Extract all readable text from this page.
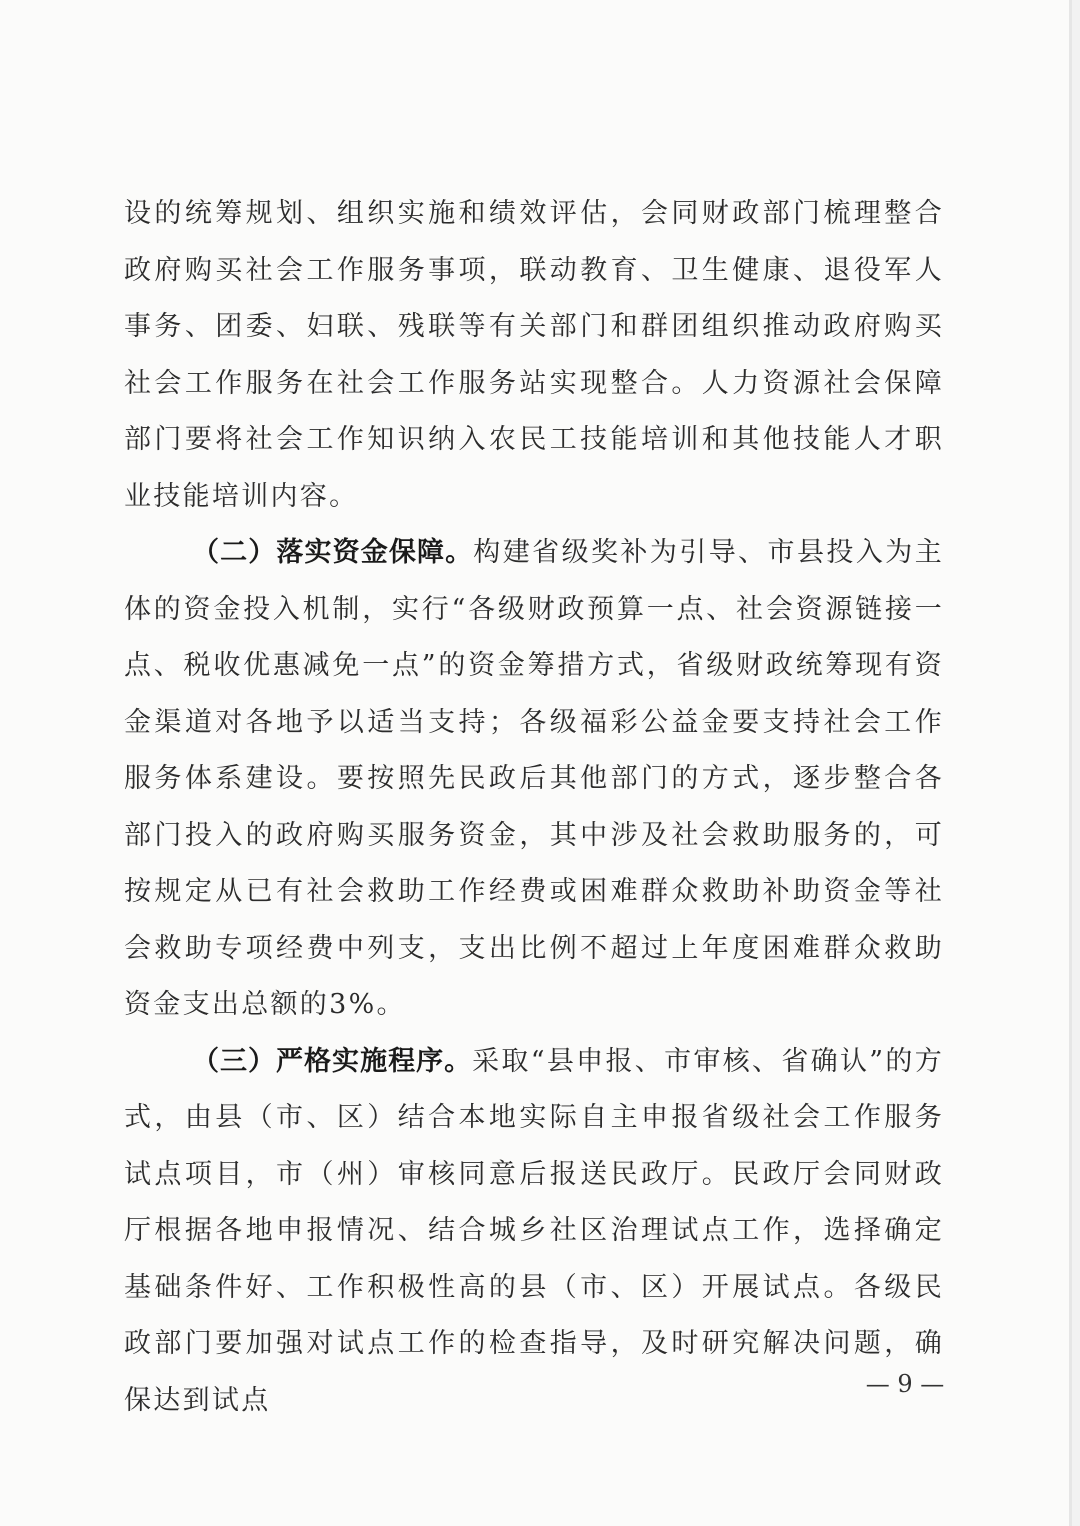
设的统筹规划、组织实施和绩效评估，会同财政部门梳理整合政府购买社会工作服务事项，联动教育、卫生健康、退役军人事务、团委、妇联、残联等有关部门和群团组织推动政府购买社会工作服务在社会工作服务站实现整合。人力资源社会保障部门要将社会工作知识纳入农民工技能培训和其他技能人才职业技能培训内容。

（二）落实资金保障。构建省级奖补为引导、市县投入为主体的资金投入机制，实行“各级财政预算一点、社会资源链接一点、税收优惠减免一点”的资金筹措方式，省级财政统筹现有资金渠道对各地予以适当支持；各级福彩公益金要支持社会工作服务体系建设。要按照先民政后其他部门的方式，逐步整合各部门投入的政府购买服务资金，其中涉及社会救助服务的，可按规定从已有社会救助工作经费或困难群众救助补助资金等社会救助专项经费中列支，支出比例不超过上年度困难群众救助资金支出总额的3%。

（三）严格实施程序。采取“县申报、市审核、省确认”的方式，由县（市、区）结合本地实际自主申报省级社会工作服务试点项目，市（州）审核同意后报送民政厅。民政厅会同财政厅根据各地申报情况、结合城乡社区治理试点工作，选择确定基础条件好、工作积极性高的县（市、区）开展试点。各级民政部门要加强对试点工作的检查指导，及时研究解决问题，确保达到试点

— 9 —
